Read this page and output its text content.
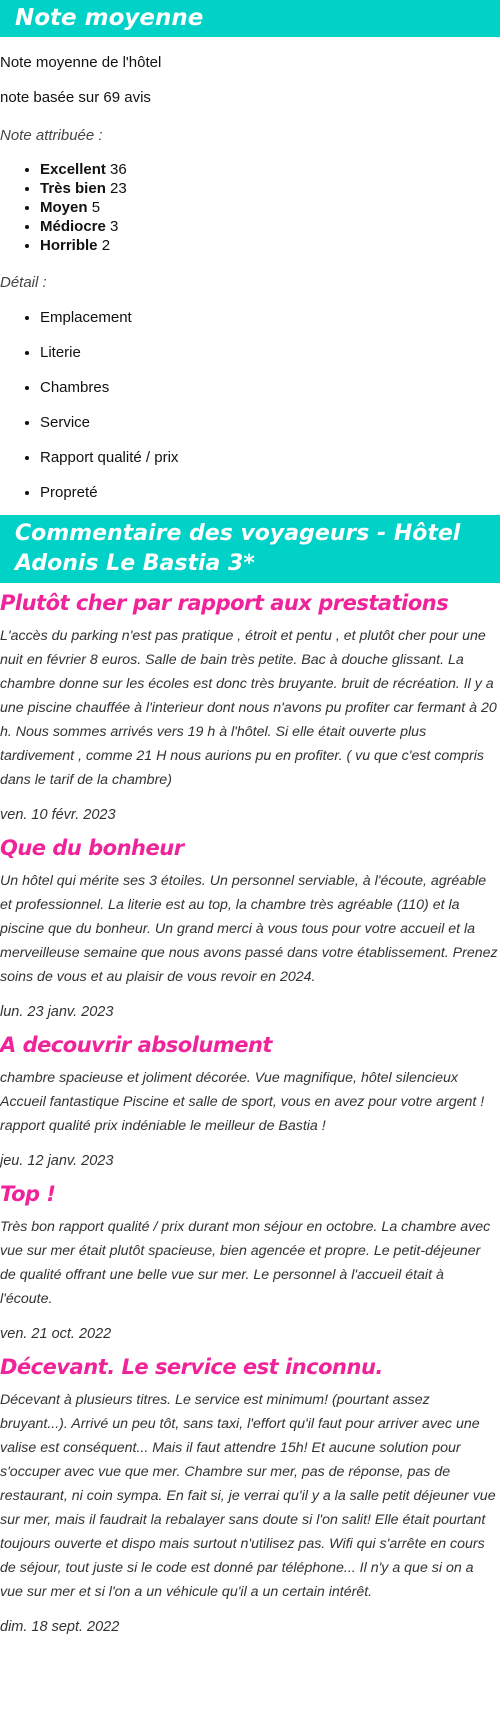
Note moyenne

Note moyenne de l'hôtel

note basée sur 69 avis

Note attribuée :

• Excellent 36
• Très bien 23
• Moyen 5
• Médiocre 3
• Horrible 2

Détail :

• Emplacement
• Literie
• Chambres
• Service
• Rapport qualité / prix
• Propreté
Commentaire des voyageurs - Hôtel Adonis Le Bastia 3*
Plutôt cher par rapport aux prestations

L'accès du parking n'est pas pratique , étroit et pentu , et plutôt cher pour une nuit en février 8 euros. Salle de bain très petite. Bac à douche glissant. La chambre donne sur les écoles est donc très bruyante. bruit de récréation. Il y a une piscine chauffée à l'interieur dont nous n'avons pu profiter car fermant à 20 h. Nous sommes arrivés vers 19 h à l'hôtel. Si elle était ouverte plus tardivement , comme 21 H nous aurions pu en profiter. ( vu que c'est compris dans le tarif de la chambre)

ven. 10 févr. 2023

Que du bonheur

Un hôtel qui mérite ses 3 étoiles. Un personnel serviable, à l'écoute, agréable et professionnel. La literie est au top, la chambre très agréable (110) et la piscine que du bonheur. Un grand merci à vous tous pour votre accueil et la merveilleuse semaine que nous avons passé dans votre établissement. Prenez soins de vous et au plaisir de vous revoir en 2024.

lun. 23 janv. 2023

A decouvrir absolument

chambre spacieuse et joliment décorée. Vue magnifique, hôtel silencieux Accueil fantastique Piscine et salle de sport, vous en avez pour votre argent ! rapport qualité prix indéniable le meilleur de Bastia !

jeu. 12 janv. 2023

Top !

Très bon rapport qualité / prix durant mon séjour en octobre. La chambre avec vue sur mer était plutôt spacieuse, bien agencée et propre. Le petit-déjeuner de qualité offrant une belle vue sur mer. Le personnel à l'accueil était à l'écoute.

ven. 21 oct. 2022

Décevant. Le service est inconnu.

Décevant à plusieurs titres. Le service est minimum! (pourtant assez bruyant...). Arrivé un peu tôt, sans taxi, l'effort qu'il faut pour arriver avec une valise est conséquent... Mais il faut attendre 15h! Et aucune solution pour s'occuper avec vue que mer. Chambre sur mer, pas de réponse, pas de restaurant, ni coin sympa. En fait si, je verrai qu'il y a la salle petit déjeuner vue sur mer, mais il faudrait la rebalayer sans doute si l'on salit! Elle était pourtant toujours ouverte et dispo mais surtout n'utilisez pas. Wifi qui s'arrête en cours de séjour, tout juste si le code est donné par téléphone... Il n'y a que si on a vue sur mer et si l'on a un véhicule qu'il a un certain intérêt.

dim. 18 sept. 2022
